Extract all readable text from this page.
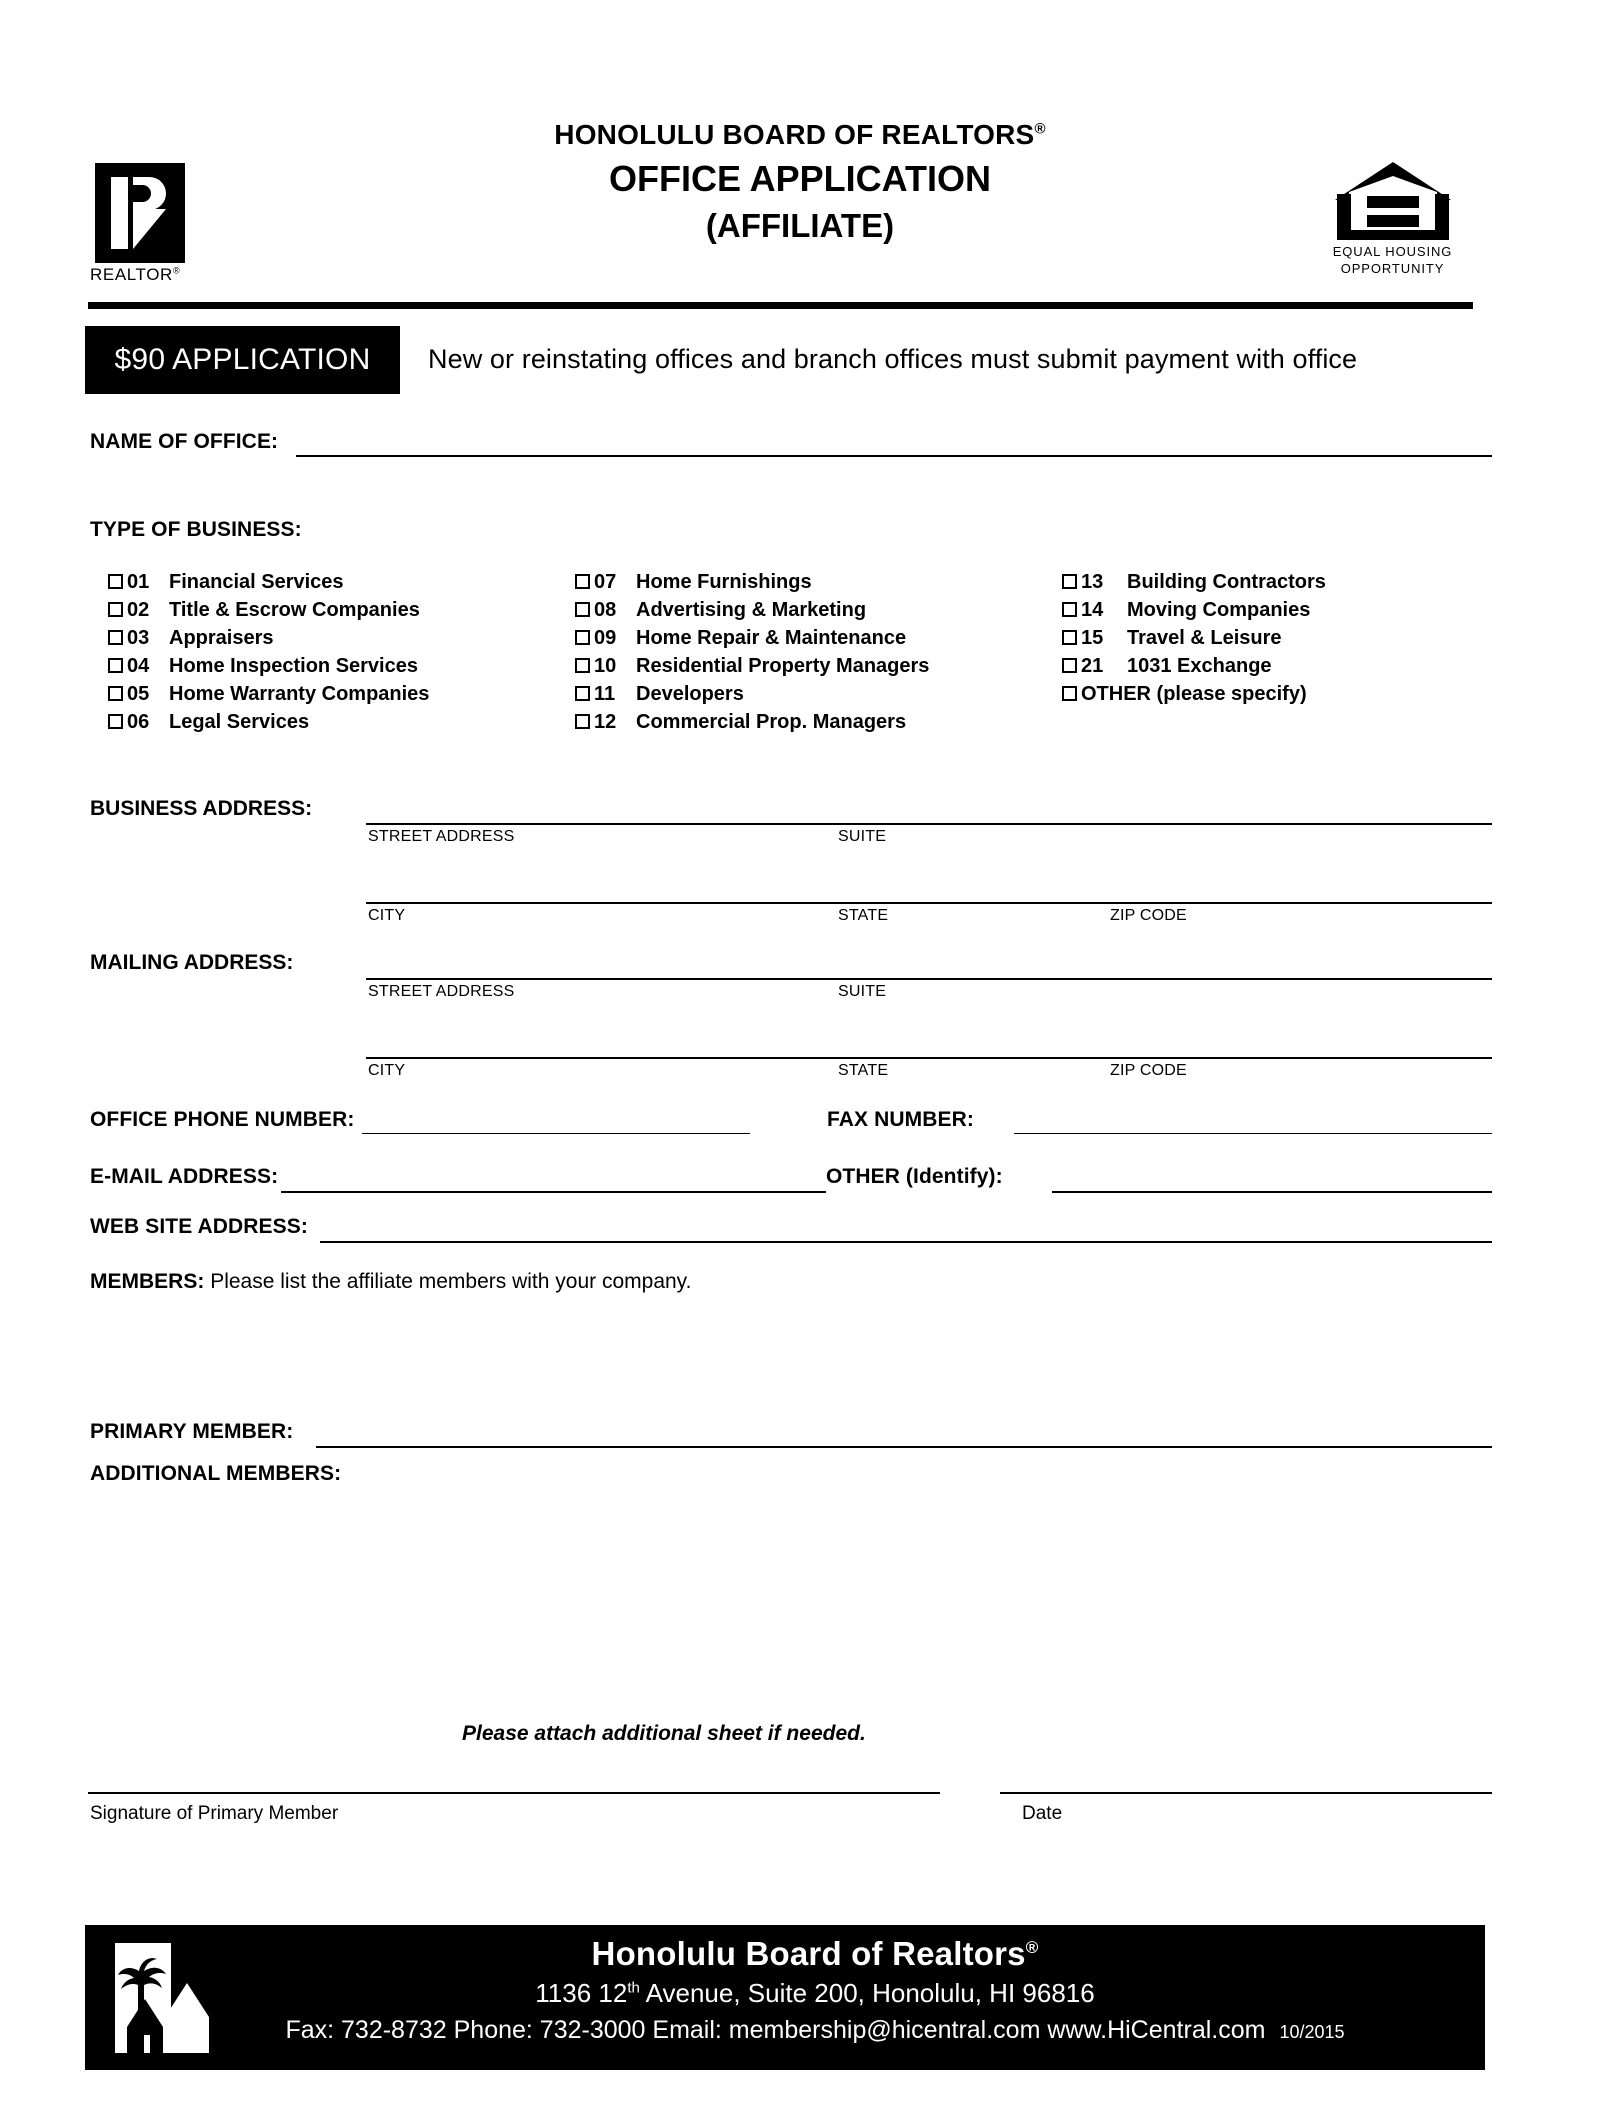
REALTOR®
HONOLULU BOARD OF REALTORS®
OFFICE APPLICATION
(AFFILIATE)
EQUAL HOUSING
OPPORTUNITY
$90 APPLICATION	New or reinstating offices and branch offices must submit payment with office
NAME OF OFFICE:
TYPE OF BUSINESS:
01 Financial Services
02 Title & Escrow Companies
03 Appraisers
04 Home Inspection Services
05 Home Warranty Companies
06 Legal Services
07 Home Furnishings
08 Advertising & Marketing
09 Home Repair & Maintenance
10 Residential Property Managers
11	Developers
12 Commercial Prop. Managers
13	Building Contractors
14	Moving Companies
15	Travel & Leisure
21	1031 Exchange
OTHER (please specify)
BUSINESS ADDRESS:
STREET ADDRESS	SUITE
CITY	STATE	ZIP CODE
MAILING ADDRESS:
STREET ADDRESS	SUITE
CITY	STATE	ZIP CODE
OFFICE PHONE NUMBER:	FAX NUMBER:
E-MAIL ADDRESS:	OTHER (Identify):
WEB SITE ADDRESS:
MEMBERS: Please list the affiliate members with your company.
PRIMARY MEMBER:
ADDITIONAL MEMBERS:
Please attach additional sheet if needed.
Signature of Primary Member	Date
Honolulu Board of Realtors®
1136 12th Avenue, Suite 200, Honolulu, HI 96816
Fax: 732-8732 Phone: 732-3000 Email: membership@hicentral.com www.HiCentral.com 10/2015
